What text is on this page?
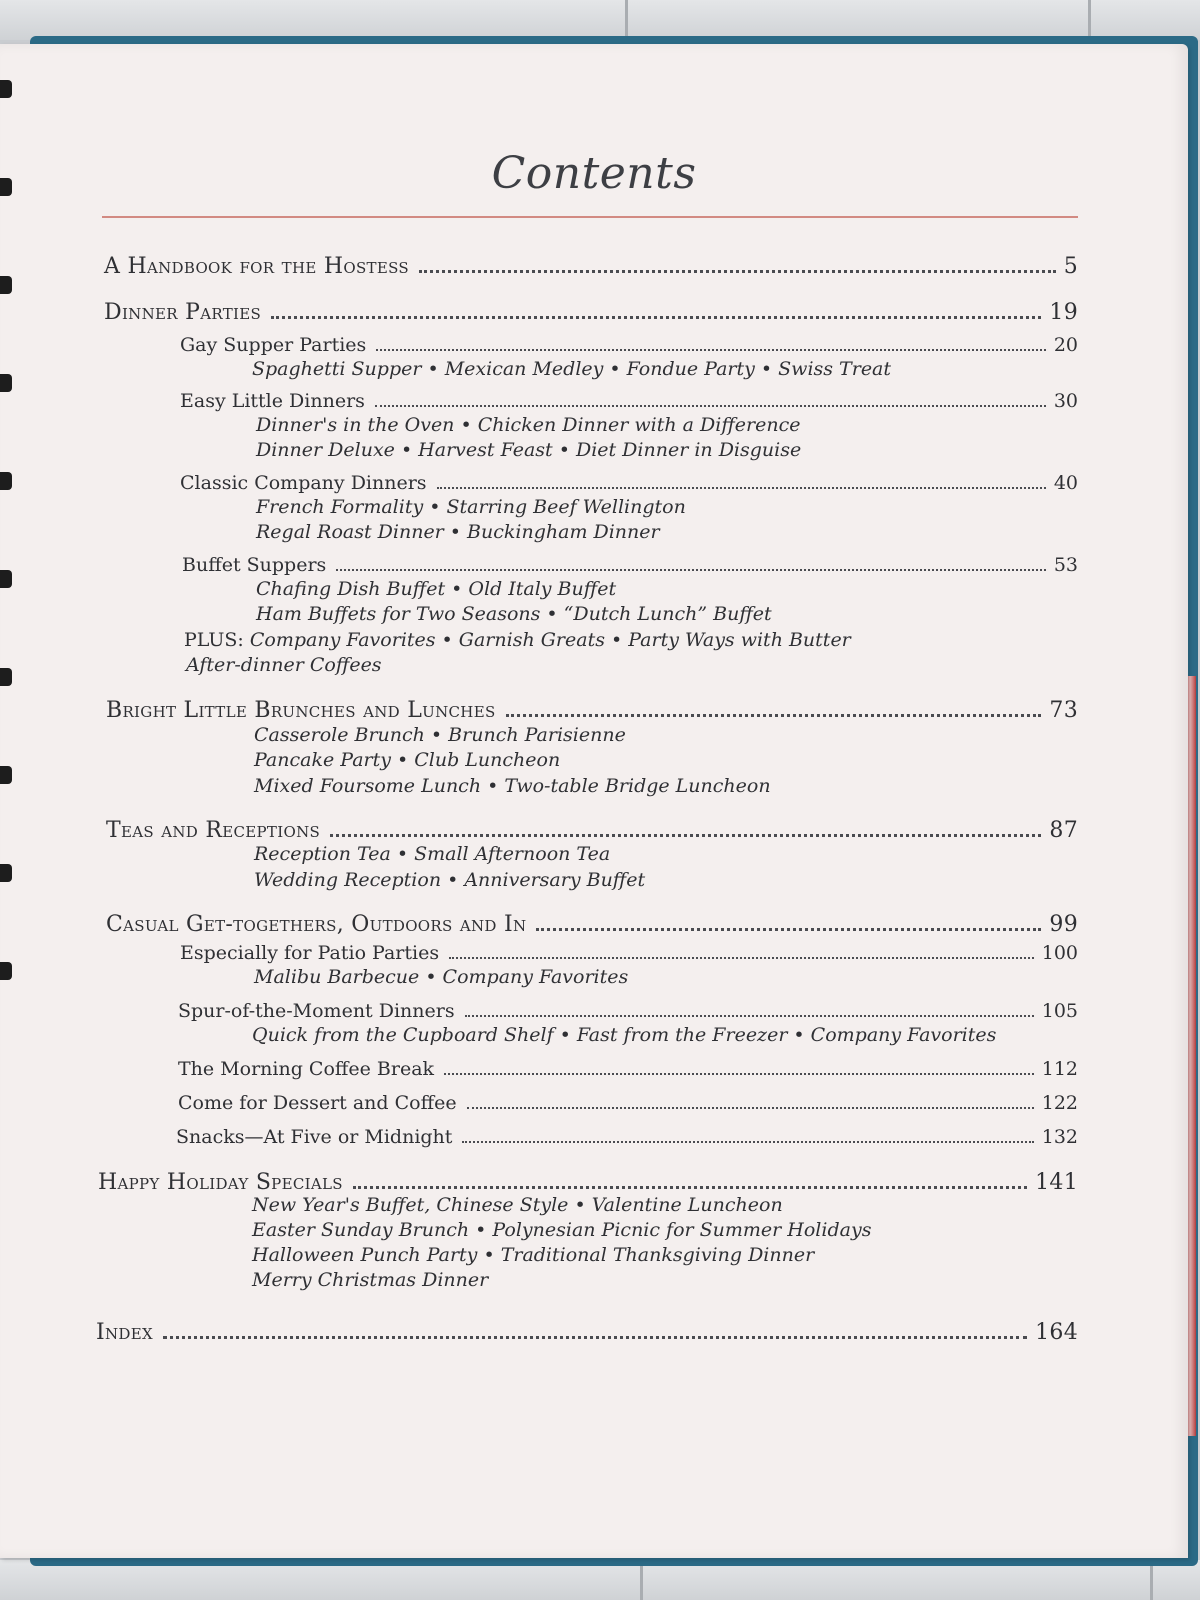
Contents
A Handbook for the Hostess	5
Dinner Parties	19
Gay Supper Parties	20
Spaghetti Supper • Mexican Medley • Fondue Party • Swiss Treat
Easy Little Dinners	30
Dinner's in the Oven • Chicken Dinner with a Difference
Dinner Deluxe • Harvest Feast • Diet Dinner in Disguise
Classic Company Dinners	40
French Formality • Starring Beef Wellington
Regal Roast Dinner • Buckingham Dinner
Buffet Suppers	53
Chafing Dish Buffet • Old Italy Buffet
Ham Buffets for Two Seasons • “Dutch Lunch” Buffet
PLUS: Company Favorites • Garnish Greats • Party Ways with Butter
After-dinner Coffees
Bright Little Brunches and Lunches	73
Casserole Brunch • Brunch Parisienne
Pancake Party • Club Luncheon
Mixed Foursome Lunch • Two-table Bridge Luncheon
Teas and Receptions	87
Reception Tea • Small Afternoon Tea
Wedding Reception • Anniversary Buffet
Casual Get-togethers, Outdoors and In	99
Especially for Patio Parties	100
Malibu Barbecue • Company Favorites
Spur-of-the-Moment Dinners	105
Quick from the Cupboard Shelf • Fast from the Freezer • Company Favorites
The Morning Coffee Break	112
Come for Dessert and Coffee	122
Snacks—At Five or Midnight	132
Happy Holiday Specials	141
New Year's Buffet, Chinese Style • Valentine Luncheon
Easter Sunday Brunch • Polynesian Picnic for Summer Holidays
Halloween Punch Party • Traditional Thanksgiving Dinner
Merry Christmas Dinner
Index	164
